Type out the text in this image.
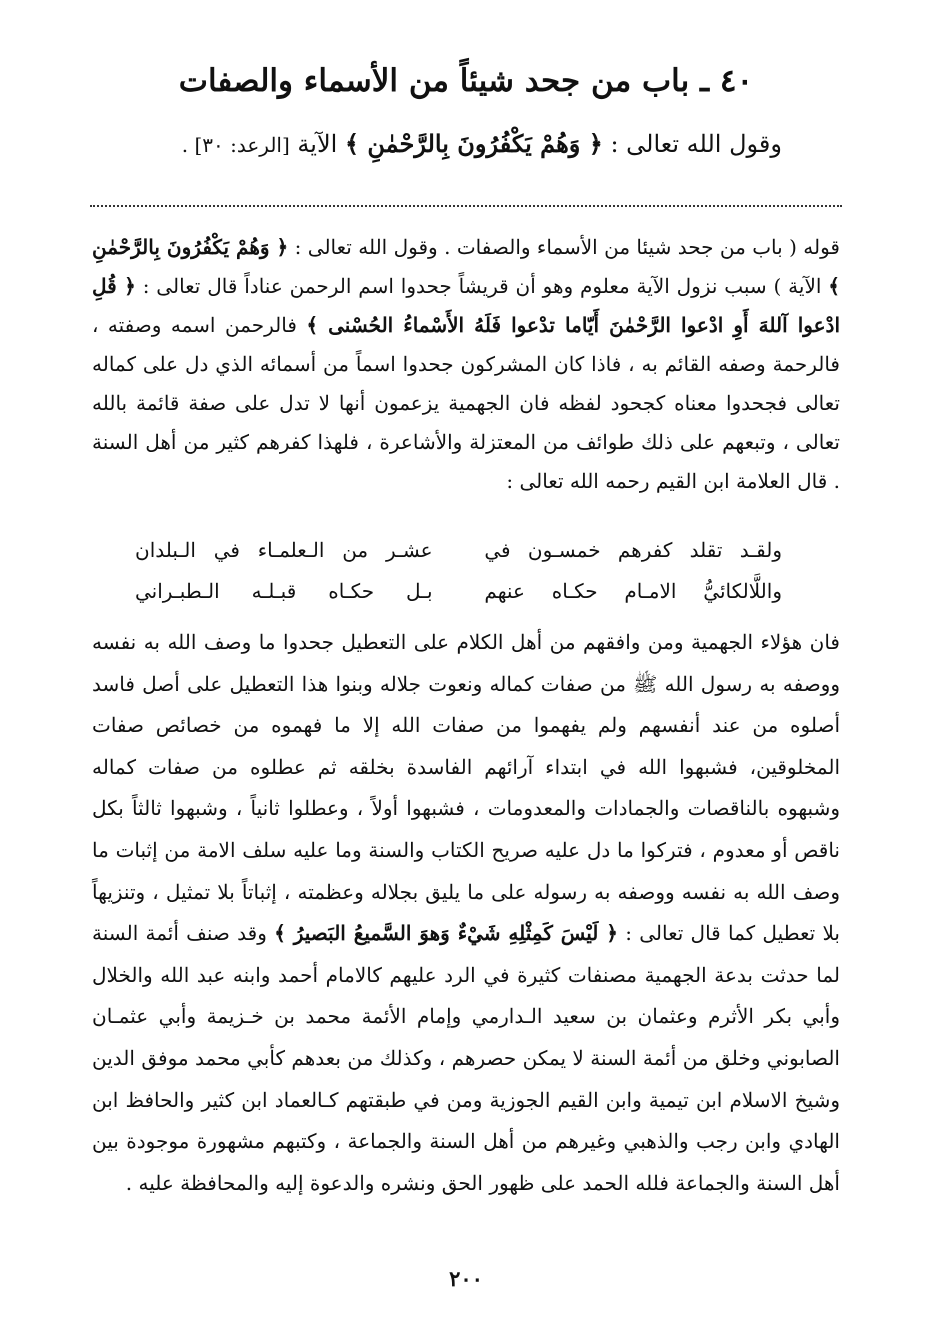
٤٠ ـ باب من جحد شيئاً من الأسماء والصفات
وقول الله تعالى : ﴿ وَهُمْ يَكْفُرُونَ بِالرَّحْمٰنِ ﴾ الآية [الرعد: ٣٠] .
قوله ( باب من جحد شيئا من الأسماء والصفات . وقول الله تعالى : ﴿ وَهُمْ يَكْفُرُونَ بِالرَّحْمٰنِ ﴾ الآية ) سبب نزول الآية معلوم وهو أن قريشاً جحدوا اسم الرحمن عناداً قال تعالى : ﴿ قُلِ ادْعوا آللهَ أَوِ ادْعوا الرَّحْمٰنَ أَيّاما تدْعوا فَلَهُ الأَسْماءُ الحُسْنى ﴾ فالرحمن اسمه وصفته ، فالرحمة وصفه القائم به ، فاذا كان المشركون جحدوا اسماً من أسمائه الذي دل على كماله تعالى فجحدوا معناه كجحود لفظه فان الجهمية يزعمون أنها لا تدل على صفة قائمة بالله تعالى ، وتبعهم على ذلك طوائف من المعتزلة والأشاعرة ، فلهذا كفرهم كثير من أهل السنة . قال العلامة ابن القيم رحمه الله تعالى :
ولقـد تقلد كفرهم خمسـون في
عشـر من الـعلمـاء في الـبلدان
واللَّالكائيُّ الامـام حكـاه عنهم
بـل حكـاه قبـلـه الـطبـراني
فان هؤلاء الجهمية ومن وافقهم من أهل الكلام على التعطيل جحدوا ما وصف الله به نفسه ووصفه به رسول الله ﷺ من صفات كماله ونعوت جلاله وبنوا هذا التعطيل على أصل فاسد أصلوه من عند أنفسهم ولم يفهموا من صفات الله إلا ما فهموه من خصائص صفات المخلوقين، فشبهوا الله في ابتداء آرائهم الفاسدة بخلقه ثم عطلوه من صفات كماله وشبهوه بالناقصات والجمادات والمعدومات ، فشبهوا أولاً ، وعطلوا ثانياً ، وشبهوا ثالثاً بكل ناقص أو معدوم ، فتركوا ما دل عليه صريح الكتاب والسنة وما عليه سلف الامة من إثبات ما وصف الله به نفسه ووصفه به رسوله على ما يليق بجلاله وعظمته ، إثباتاً بلا تمثيل ، وتنزيهاً بلا تعطيل كما قال تعالى : ﴿ لَيْسَ كَمِثْلِهِ شَيْءٌ وَهوَ السَّميعُ البَصيرُ ﴾ وقد صنف أئمة السنة لما حدثت بدعة الجهمية مصنفات كثيرة في الرد عليهم كالامام أحمد وابنه عبد الله والخلال وأبي بكر الأثرم وعثمان بن سعيد الـدارمي وإمام الأئمة محمد بن خـزيمة وأبي عثمـان الصابوني وخلق من أئمة السنة لا يمكن حصرهم ، وكذلك من بعدهم كأبي محمد موفق الدين وشيخ الاسلام ابن تيمية وابن القيم الجوزية ومن في طبقتهم كـالعماد ابن كثير والحافظ ابن الهادي وابن رجب والذهبي وغيرهم من أهل السنة والجماعة ، وكتبهم مشهورة موجودة بين أهل السنة والجماعة فلله الحمد على ظهور الحق ونشره والدعوة إليه والمحافظة عليه .
٢٠٠
